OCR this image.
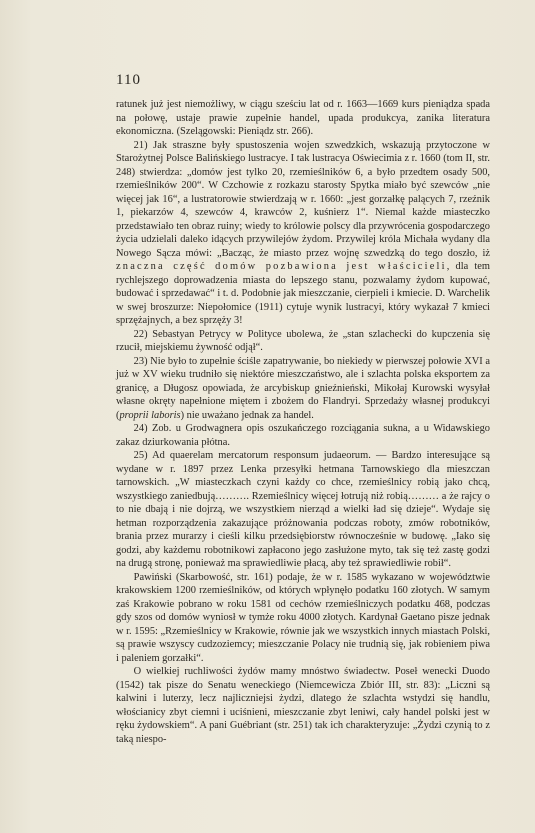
110

ratunek już jest niemożliwy, w ciągu sześciu lat od r. 1663—1669 kurs pieniądza spada na połowę, ustaje prawie zupełnie handel, upada produkcya, zanika literatura ekonomiczna. (Szelągowski: Pieniądz str. 266).

21) Jak straszne były spustoszenia wojen szwedzkich, wskazują przytoczone w Starożytnej Polsce Balińskiego lustracye. I tak lustracya Oświecimia z r. 1660 (tom II, str. 248) stwierdza: „domów jest tylko 20, rzemieślników 6, a było przedtem osady 500, rzemieślników 200“. W Czchowie z rozkazu starosty Spytka miało być szewców „nie więcej jak 16“, a lustratorowie stwierdzają w r. 1660: „jest gorzałkę palących 7, rzeźnik 1, piekarzów 4, szewców 4, krawców 2, kuśnierz 1“. Niemal każde miasteczko przedstawiało ten obraz ruiny; wiedy to królowie polscy dla przywrócenia gospodarczego życia udzielali daleko idących przywilejów żydom. Przywilej króla Michała wydany dla Nowego Sącza mówi: „Bacząc, że miasto przez wojnę szwedzką do tego doszło, iż znaczna część domów pozbawiona jest właścicieli, dla tem rychlejszego doprowadzenia miasta do lepszego stanu, pozwalamy żydom kupować, budować i sprzedawać“ i t. d. Podobnie jak mieszczanie, cierpieli i kmiecie. D. Warchelik w swej broszurze: Niepołomice (1911) cytuje wynik lustracyi, który wykazał 7 kmieci sprzężajnych, a bez sprzęży 3!

22) Sebastyan Petrycy w Polityce ubolewa, że „stan szlachecki do kupczenia się rzucił, miejskiemu żywność odjął“.

23) Nie było to zupełnie ściśle zapatrywanie, bo niekiedy w pierwszej połowie XVI a już w XV wieku trudniło się niektóre mieszczaństwo, ale i szlachta polska eksportem za granicę, a Długosz opowiada, że arcybiskup gnieźnieński, Mikołaj Kurowski wysyłał własne okręty napełnione miętem i zbożem do Flandryi. Sprzedaży własnej produkcyi (proprii laboris) nie uważano jednak za handel.

24) Zob. u Grodwagnera opis oszukańczego rozciągania sukna, a u Widawskiego zakaz dziurkowania płótna.

25) Ad quaerelam mercatorum responsum judaeorum. — Bardzo interesujące są wydane w r. 1897 przez Lenka przesyłki hetmana Tarnowskiego dla mieszczan tarnowskich. „W miasteczkach czyni każdy co chce, rzemieślnicy robią jako chcą, wszystkiego zaniedbują………. Rzemieślnicy więcej łotrują niż robią……… a że rajcy o to nie dbają i nie dojrzą, we wszystkiem nierząd a wielki ład się dzieje“. Wydaje się hetman rozporządzenia zakazujące próżnowania podczas roboty, zmów robotników, brania przez murarzy i cieśli kilku przedsiębiorstw równocześnie w budowę. „Iako się godzi, aby każdemu robotnikowi zapłacono jego zasłużone myto, tak się też zastę godzi na drugą stronę, ponieważ ma sprawiedliwie płacą, aby też sprawiedliwie robił“.

Pawiński (Skarbowość, str. 161) podaje, że w r. 1585 wykazano w województwie krakowskiem 1200 rzemieślników, od których wpłynęło podatku 160 złotych. W samym zaś Krakowie pobrano w roku 1581 od cechów rzemieślniczych podatku 468, podczas gdy szos od domów wyniosł w tymże roku 4000 złotych. Kardynał Gaetano pisze jednak w r. 1595: „Rzemieślnicy w Krakowie, równie jak we wszystkich innych miastach Polski, są prawie wszyscy cudzoziemcy; mieszczanie Polacy nie trudnią się, jak robieniem piwa i paleniem gorzałki“.

O wielkiej ruchliwości żydów mamy mnóstwo świadectw. Poseł wenecki Duodo (1542) tak pisze do Senatu weneckiego (Niemcewicza Zbiór III, str. 83): „Liczni są kalwini i luterzy, lecz najliczniejsi żydzi, dlatego że szlachta wstydzi się handlu, włościanicy zbyt ciemni i uciśnieni, mieszczanie zbyt leniwi, cały handel polski jest w ręku żydowskiem“. A pani Guébriant (str. 251) tak ich charakteryzuje: „Żydzi czynią to z taką niespo-
